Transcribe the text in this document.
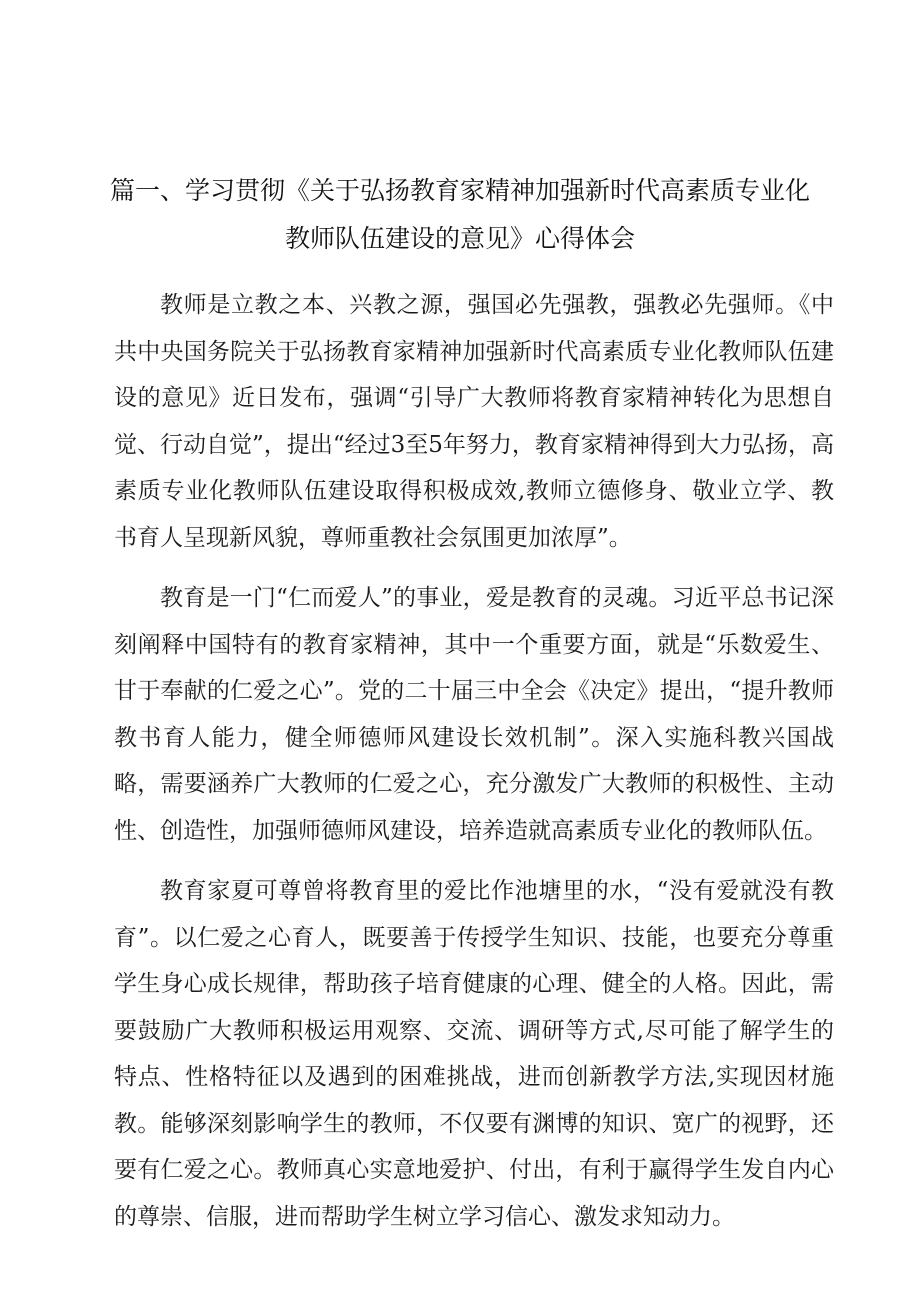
篇一、学习贯彻《关于弘扬教育家精神加强新时代高素质专业化
教师队伍建设的意见》心得体会

教师是立教之本、兴教之源，强国必先强教，强教必先强师。《中共中央国务院关于弘扬教育家精神加强新时代高素质专业化教师队伍建设的意见》近日发布，强调“引导广大教师将教育家精神转化为思想自觉、行动自觉”，提出“经过3至5年努力，教育家精神得到大力弘扬，高素质专业化教师队伍建设取得积极成效,教师立德修身、敬业立学、教书育人呈现新风貌，尊师重教社会氛围更加浓厚”。

教育是一门“仁而爱人”的事业，爱是教育的灵魂。习近平总书记深刻阐释中国特有的教育家精神，其中一个重要方面，就是“乐数爱生、甘于奉献的仁爱之心”。党的二十届三中全会《决定》提出，“提升教师教书育人能力，健全师德师风建设长效机制”。深入实施科教兴国战略，需要涵养广大教师的仁爱之心，充分激发广大教师的积极性、主动性、创造性，加强师德师风建设，培养造就高素质专业化的教师队伍。

教育家夏可尊曾将教育里的爱比作池塘里的水，“没有爱就没有教育”。以仁爱之心育人，既要善于传授学生知识、技能，也要充分尊重学生身心成长规律，帮助孩子培育健康的心理、健全的人格。因此，需要鼓励广大教师积极运用观察、交流、调研等方式,尽可能了解学生的特点、性格特征以及遇到的困难挑战，进而创新教学方法,实现因材施教。能够深刻影响学生的教师，不仅要有渊博的知识、宽广的视野，还要有仁爱之心。教师真心实意地爱护、付出，有利于赢得学生发自内心的尊崇、信服，进而帮助学生树立学习信心、激发求知动力。
